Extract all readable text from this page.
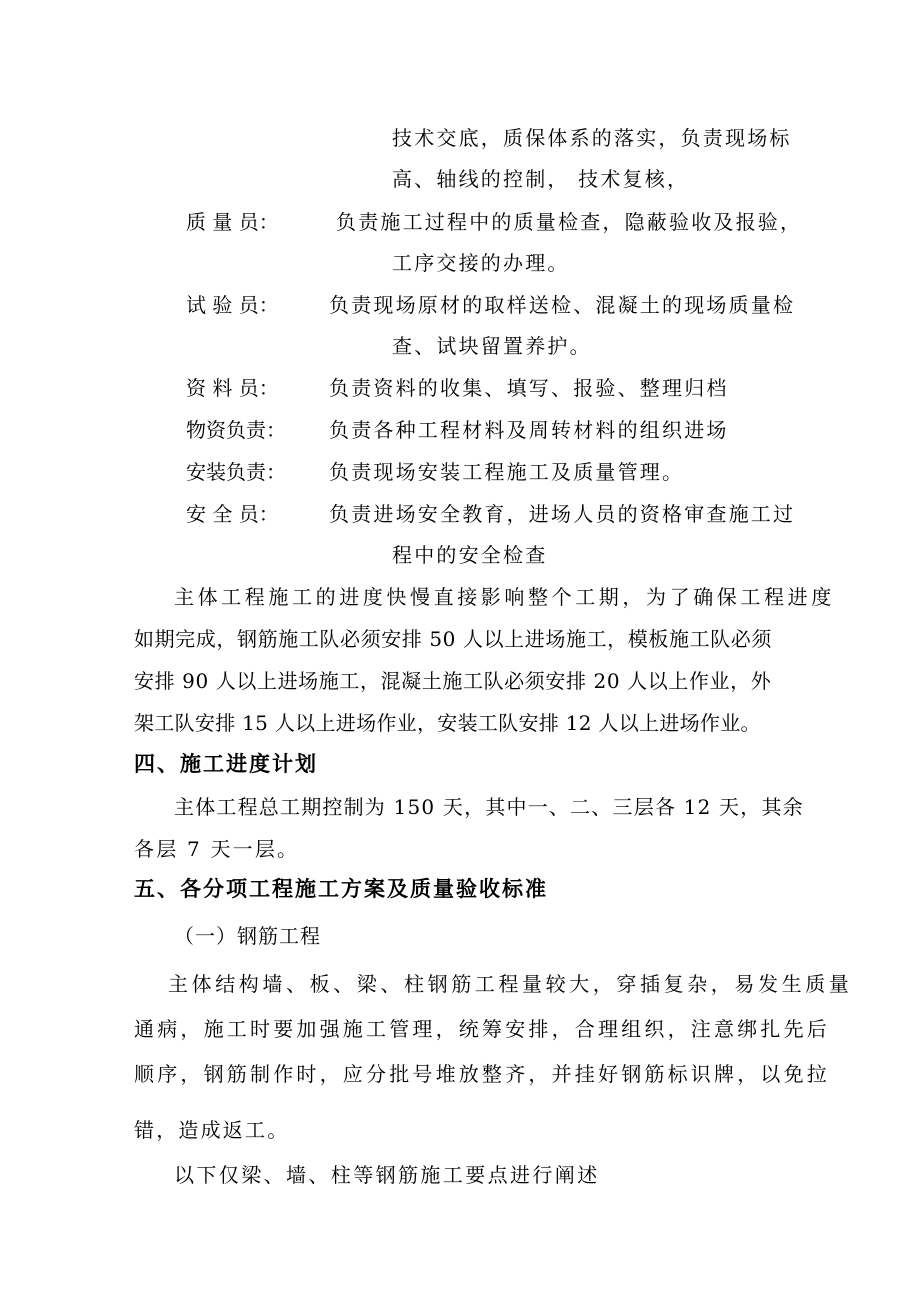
技术交底，质保体系的落实，负责现场标
高、轴线的控制， 技术复核，
质 量 员：	负责施工过程中的质量检查，隐蔽验收及报验，
工序交接的办理。
试 验 员：	负责现场原材的取样送检、混凝土的现场质量检
查、试块留置养护。
资 料 员：	负责资料的收集、填写、报验、整理归档
物资负责： 负责各种工程材料及周转材料的组织进场
安装负责： 负责现场安装工程施工及质量管理。
安 全 员：	负责进场安全教育，进场人员的资格审查施工过
程中的安全检查
主体工程施工的进度快慢直接影响整个工期，为了确保工程进度
如期完成，钢筋施工队必须安排 50 人以上进场施工，模板施工队必须
安排 90 人以上进场施工，混凝土施工队必须安排 20 人以上作业，外
架工队安排 15 人以上进场作业，安装工队安排 12 人以上进场作业。
四、施工进度计划
主体工程总工期控制为 150 天，其中一、二、三层各 12 天，其余
各层 7 天一层。
五、各分项工程施工方案及质量验收标准
（一）钢筋工程
主体结构墙、板、梁、柱钢筋工程量较大，穿插复杂，易发生质量
通病，施工时要加强施工管理，统筹安排，合理组织，注意绑扎先后
顺序，钢筋制作时，应分批号堆放整齐，并挂好钢筋标识牌，以免拉
错，造成返工。
以下仅梁、墙、柱等钢筋施工要点进行阐述
